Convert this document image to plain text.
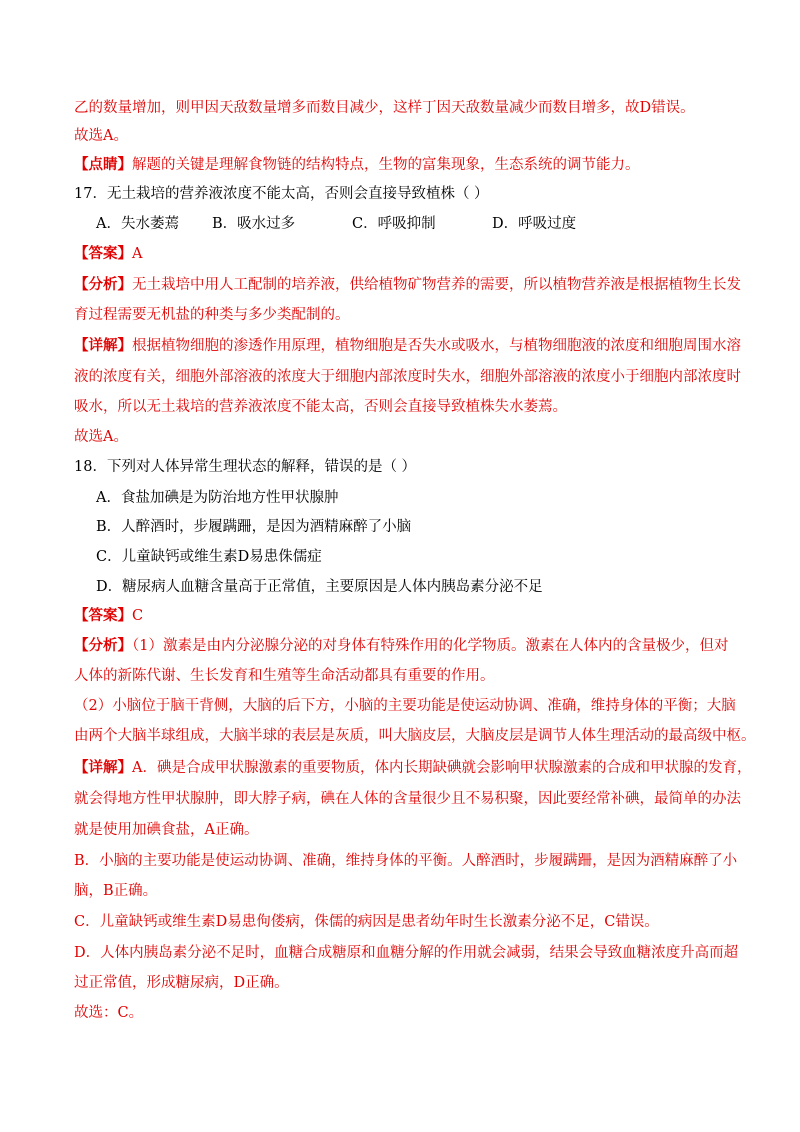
乙的数量增加，则甲因天敌数量增多而数目减少，这样丁因天敌数量减少而数目增多，故D错误。
故选A。
【点睛】解题的关键是理解食物链的结构特点，生物的富集现象，生态系统的调节能力。
17．无土栽培的营养液浓度不能太高，否则会直接导致植株（ ）
A．失水萎蔫 B．吸水过多	C．呼吸抑制	D．呼吸过度
【答案】A
【分析】无土栽培中用人工配制的培养液，供给植物矿物营养的需要，所以植物营养液是根据植物生长发
育过程需要无机盐的种类与多少类配制的。
【详解】根据植物细胞的渗透作用原理，植物细胞是否失水或吸水，与植物细胞液的浓度和细胞周围水溶
液的浓度有关，细胞外部溶液的浓度大于细胞内部浓度时失水，细胞外部溶液的浓度小于细胞内部浓度时
吸水，所以无土栽培的营养液浓度不能太高，否则会直接导致植株失水萎蔫。
故选A。
18．下列对人体异常生理状态的解释，错误的是（ ）
A．食盐加碘是为防治地方性甲状腺肿
B．人醉酒时，步履蹒跚，是因为酒精麻醉了小脑
C．儿童缺钙或维生素D易患侏儒症
D．糖尿病人血糖含量高于正常值，主要原因是人体内胰岛素分泌不足
【答案】C
【分析】（1）激素是由内分泌腺分泌的对身体有特殊作用的化学物质。激素在人体内的含量极少，但对
人体的新陈代谢、生长发育和生殖等生命活动都具有重要的作用。
（2）小脑位于脑干背侧，大脑的后下方，小脑的主要功能是使运动协调、准确，维持身体的平衡；大脑
由两个大脑半球组成，大脑半球的表层是灰质，叫大脑皮层，大脑皮层是调节人体生理活动的最高级中枢。
【详解】A．碘是合成甲状腺激素的重要物质，体内长期缺碘就会影响甲状腺激素的合成和甲状腺的发育，
就会得地方性甲状腺肿，即大脖子病，碘在人体的含量很少且不易积聚，因此要经常补碘，最简单的办法
就是使用加碘食盐，A正确。
B．小脑的主要功能是使运动协调、准确，维持身体的平衡。人醉酒时，步履蹒跚，是因为酒精麻醉了小
脑，B正确。
C．儿童缺钙或维生素D易患佝偻病，侏儒的病因是患者幼年时生长激素分泌不足，C错误。
D．人体内胰岛素分泌不足时，血糖合成糖原和血糖分解的作用就会减弱，结果会导致血糖浓度升高而超
过正常值，形成糖尿病，D正确。
故选：C。
